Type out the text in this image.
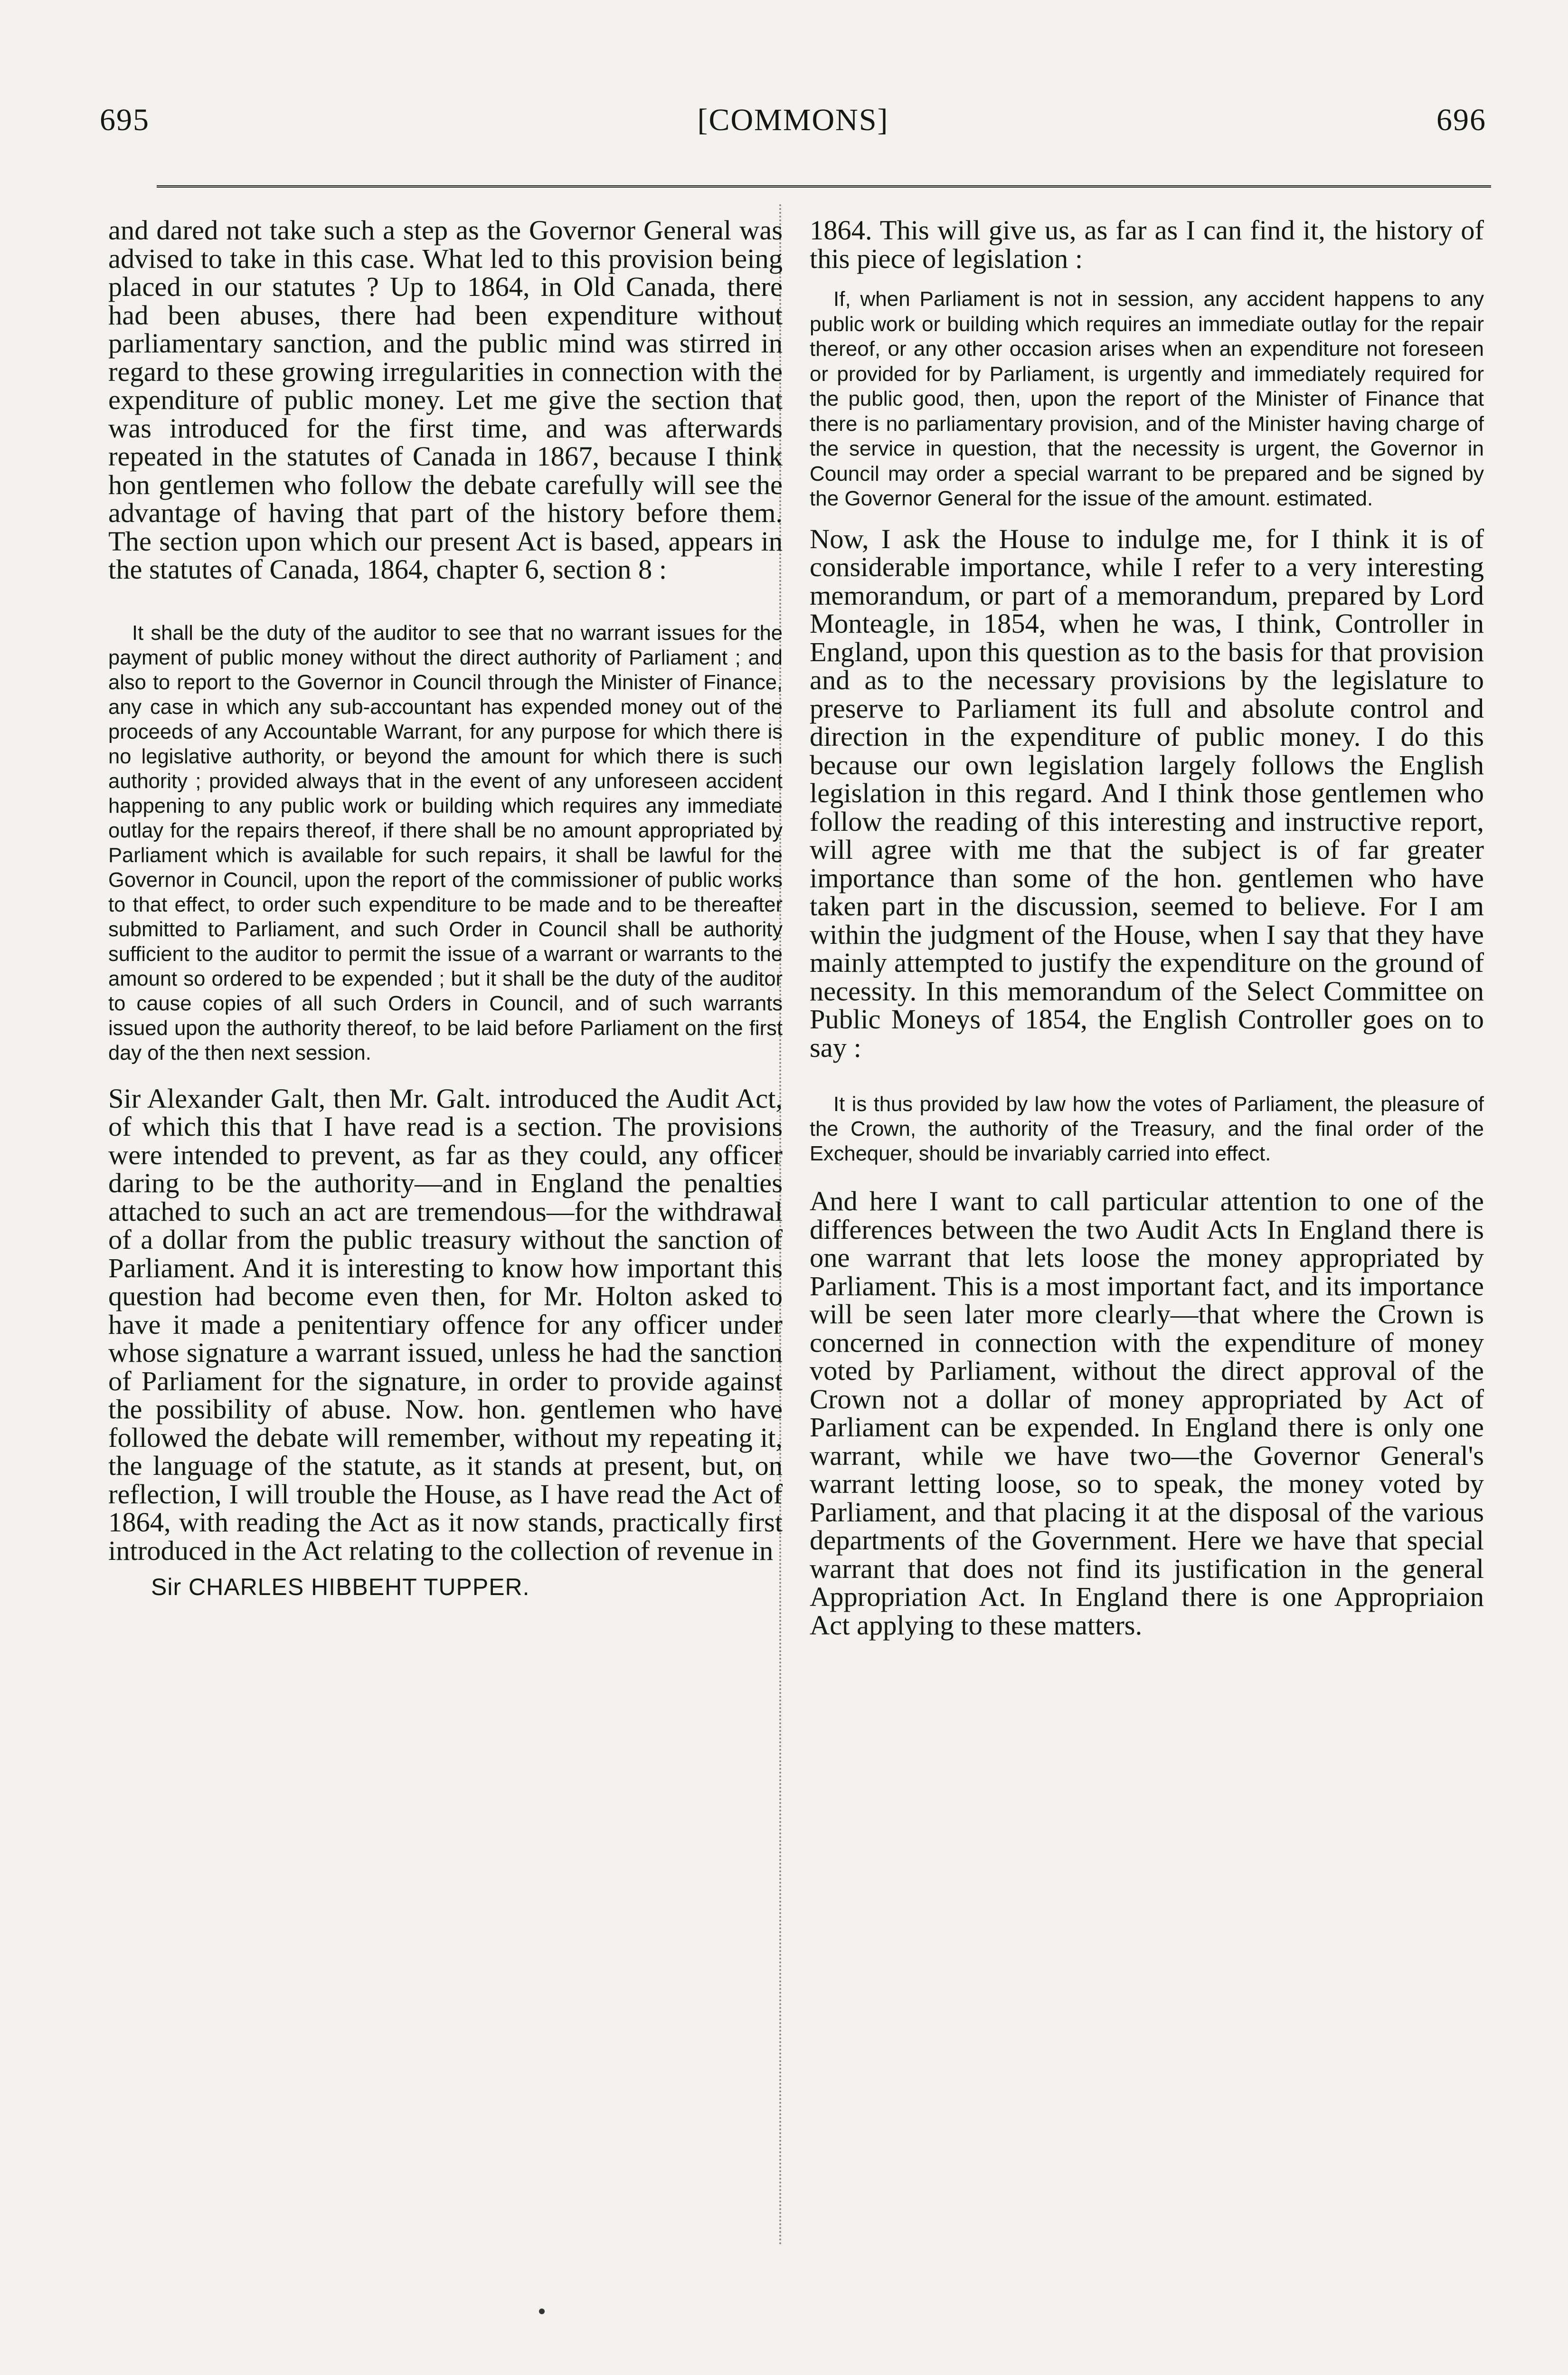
695	[COMMONS]	696

and dared not take such a step as the Governor General was advised to take in this case. What led to this provision being placed in our statutes ? Up to 1864, in Old Canada, there had been abuses, there had been expenditure without parliamentary sanction, and the public mind was stirred in regard to these growing irregularities in connection with the expenditure of public money. Let me give the section that was introduced for the first time, and was afterwards repeated in the statutes of Canada in 1867, because I think hon gentlemen who follow the debate carefully will see the advantage of having that part of the history before them. The section upon which our present Act is based, appears in the statutes of Canada, 1864, chapter 6, section 8 :

It shall be the duty of the auditor to see that no warrant issues for the payment of public money without the direct authority of Parliament ; and also to report to the Governor in Council through the Minister of Finance, any case in which any sub-accountant has expended money out of the proceeds of any Accountable Warrant, for any purpose for which there is no legislative authority, or beyond the amount for which there is such authority ; provided always that in the event of any unforeseen accident happening to any public work or building which requires any immediate outlay for the repairs thereof, if there shall be no amount appropriated by Parliament which is available for such repairs, it shall be lawful for the Governor in Council, upon the report of the commissioner of public works to that effect, to order such expenditure to be made and to be thereafter submitted to Parliament, and such Order in Council shall be authority sufficient to the auditor to permit the issue of a warrant or warrants to the amount so ordered to be expended ; but it shall be the duty of the auditor to cause copies of all such Orders in Council, and of such warrants issued upon the authority thereof, to be laid before Parliament on the first day of the then next session.

Sir Alexander Galt, then Mr. Galt. introduced the Audit Act, of which this that I have read is a section. The provisions were intended to prevent, as far as they could, any officer daring to be the authority—and in England the penalties attached to such an act are tremendous—for the withdrawal of a dollar from the public treasury without the sanction of Parliament. And it is interesting to know how important this question had become even then, for Mr. Holton asked to have it made a penitentiary offence for any officer under whose signature a warrant issued, unless he had the sanction of Parliament for the signature, in order to provide against the possibility of abuse. Now. hon. gentlemen who have followed the debate will remember, without my repeating it, the language of the statute, as it stands at present, but, on reflection, I will trouble the House, as I have read the Act of 1864, with reading the Act as it now stands, practically first introduced in the Act relating to the collection of revenue in

Sir CHARLES HIBBEHT TUPPER.

1864. This will give us, as far as I can find it, the history of this piece of legislation :

If, when Parliament is not in session, any accident happens to any public work or building which requires an immediate outlay for the repair thereof, or any other occasion arises when an expenditure not foreseen or provided for by Parliament, is urgently and immediately required for the public good, then, upon the report of the Minister of Finance that there is no parliamentary provision, and of the Minister having charge of the service in question, that the necessity is urgent, the Governor in Council may order a special warrant to be prepared and be signed by the Governor General for the issue of the amount. estimated.

Now, I ask the House to indulge me, for I think it is of considerable importance, while I refer to a very interesting memorandum, or part of a memorandum, prepared by Lord Monteagle, in 1854, when he was, I think, Controller in England, upon this question as to the basis for that provision and as to the necessary provisions by the legislature to preserve to Parliament its full and absolute control and direction in the expenditure of public money. I do this because our own legislation largely follows the English legislation in this regard. And I think those gentlemen who follow the reading of this interesting and instructive report, will agree with me that the subject is of far greater importance than some of the hon. gentlemen who have taken part in the discussion, seemed to believe. For I am within the judgment of the House, when I say that they have mainly attempted to justify the expenditure on the ground of necessity. In this memorandum of the Select Committee on Public Moneys of 1854, the English Controller goes on to say :

It is thus provided by law how the votes of Parliament, the pleasure of the Crown, the authority of the Treasury, and the final order of the Exchequer, should be invariably carried into effect.

And here I want to call particular attention to one of the differences between the two Audit Acts In England there is one warrant that lets loose the money appropriated by Parliament. This is a most important fact, and its importance will be seen later more clearly—that where the Crown is concerned in connection with the expenditure of money voted by Parliament, without the direct approval of the Crown not a dollar of money appropriated by Act of Parliament can be expended. In England there is only one warrant, while we have two—the Governor General's warrant letting loose, so to speak, the money voted by Parliament, and that placing it at the disposal of the various departments of the Government. Here we have that special warrant that does not find its justification in the general Appropriation Act. In England there is one Appropriaion Act applying to these matters.
